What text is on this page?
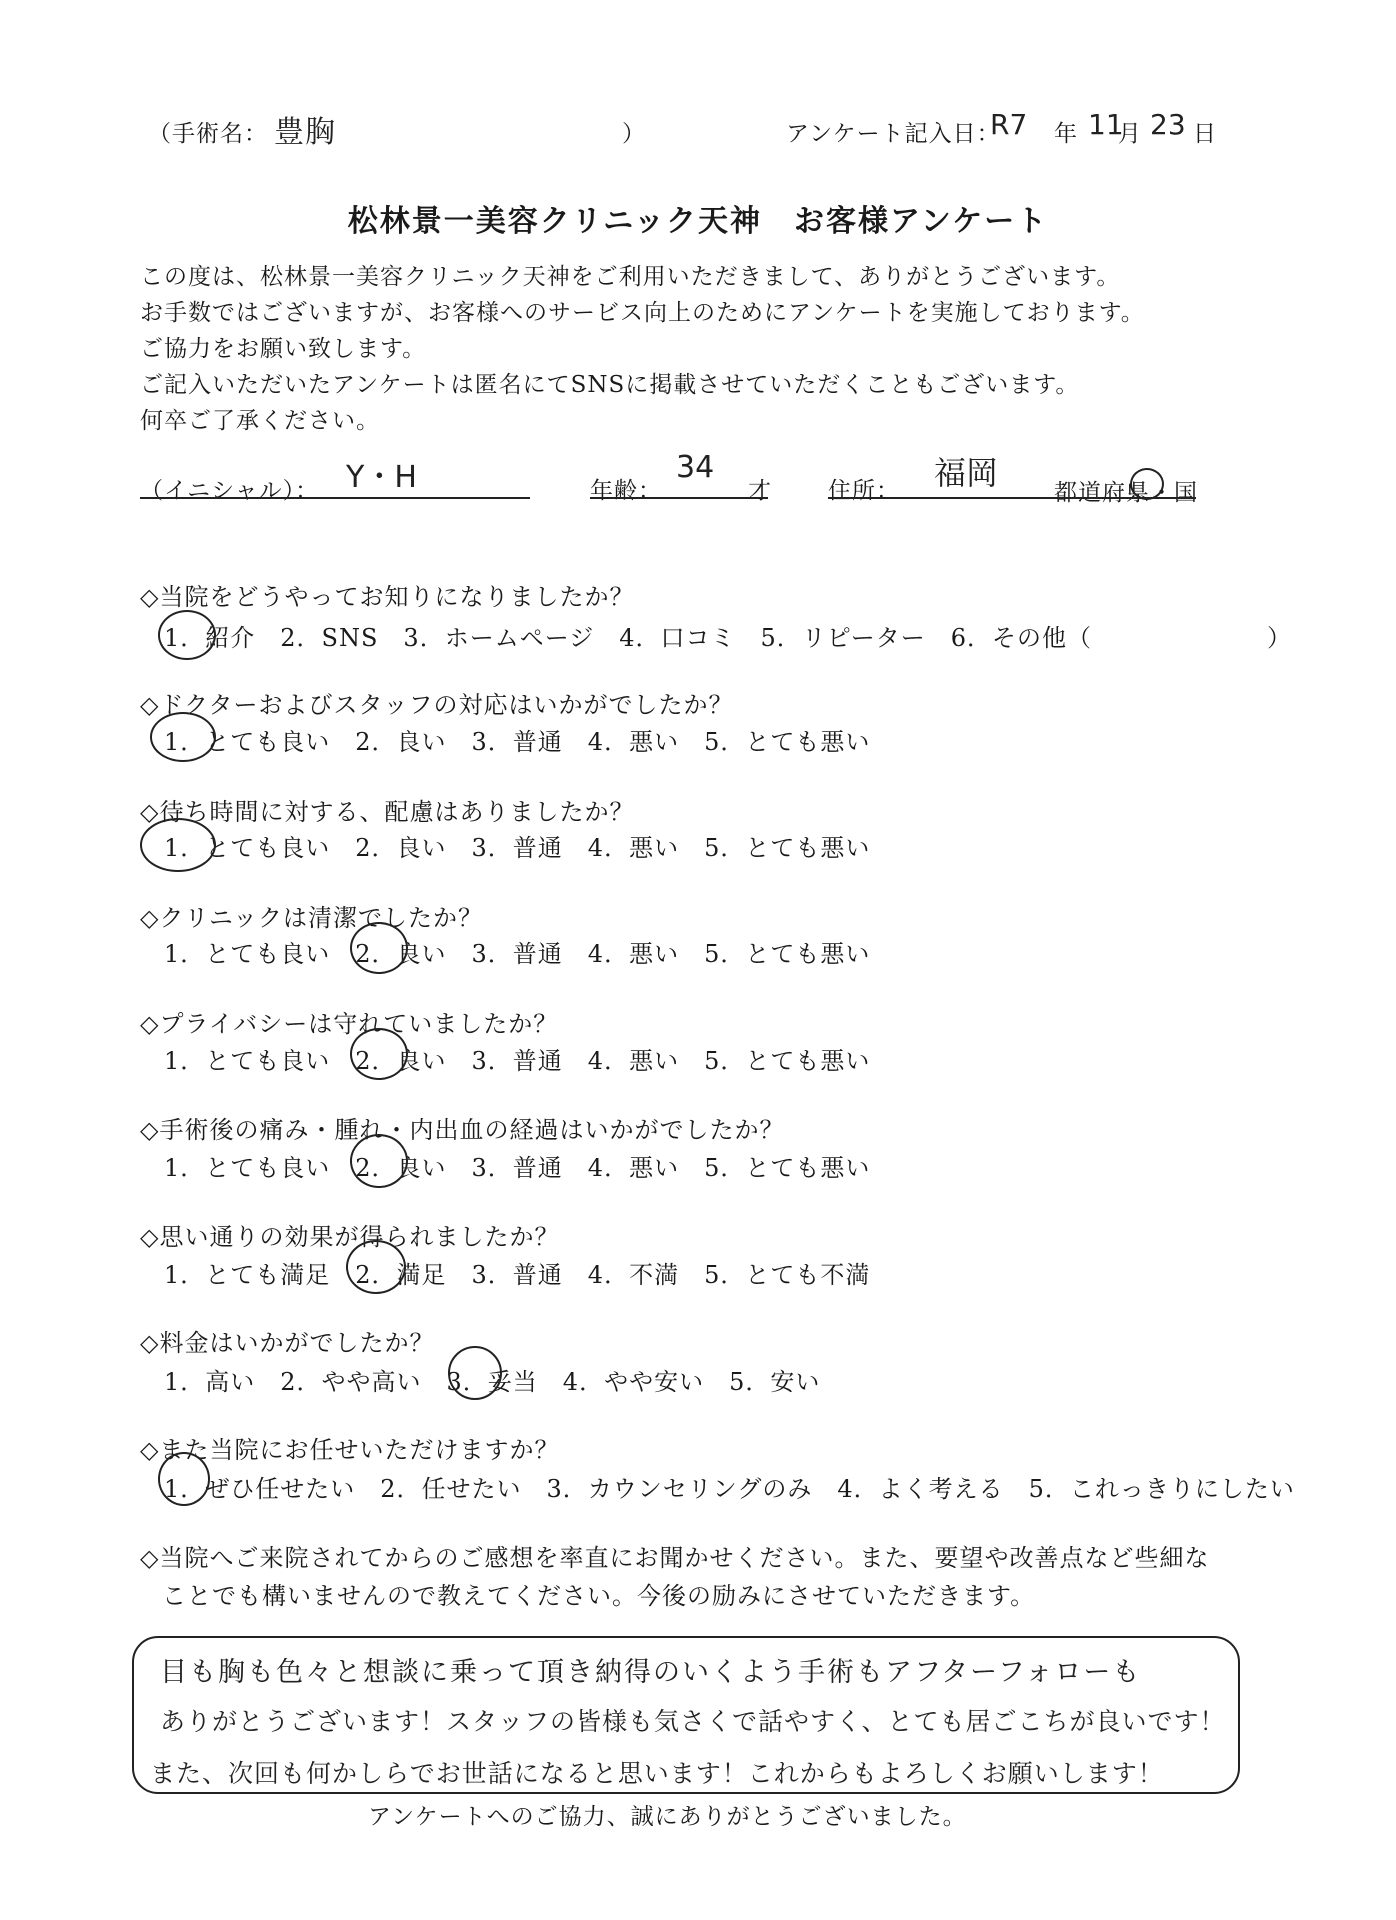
（手術名： 豊胸	）	アンケート記入日：
R7 年 11
月 23 日
松林景一美容クリニック天神　お客様アンケート
この度は、松林景一美容クリニック天神をご利用いただきまして、ありがとうございます。
お手数ではございますが、お客様へのサービス向上のためにアンケートを実施しております。
ご協力をお願い致します。
ご記入いただいたアンケートは匿名にてSNSに掲載させていただくこともございます。
何卒ご了承ください。
（イニシャル）： Y・H	年齢：
34
才 住所： 福岡
都道府県・国
◇当院をどうやってお知りになりましたか？
1．紹介　2．SNS　3．ホームページ　4．口コミ　5．リピーター　6．その他（　　　　　　　）
◇ドクターおよびスタッフの対応はいかがでしたか？
1．とても良い　2．良い　3．普通　4．悪い　5．とても悪い
◇待ち時間に対する、配慮はありましたか？
1．とても良い　2．良い　3．普通　4．悪い　5．とても悪い
◇クリニックは清潔でしたか？
1．とても良い　2．良い　3．普通　4．悪い　5．とても悪い
◇プライバシーは守れていましたか？
1．とても良い　2．良い　3．普通　4．悪い　5．とても悪い
◇手術後の痛み・腫れ・内出血の経過はいかがでしたか？
1．とても良い　2．良い　3．普通　4．悪い　5．とても悪い
◇思い通りの効果が得られましたか？
1．とても満足　2．満足　3．普通　4．不満　5．とても不満
◇料金はいかがでしたか？
1．高い　2．やや高い　3．妥当　4．やや安い　5．安い
◇また当院にお任せいただけますか？
1．ぜひ任せたい　2．任せたい　3．カウンセリングのみ　4．よく考える　5．これっきりにしたい
◇当院へご来院されてからのご感想を率直にお聞かせください。また、要望や改善点など些細な
ことでも構いませんので教えてください。今後の励みにさせていただきます。
目も胸も色々と想談に乗って頂き納得のいくよう手術もアフターフォローも
ありがとうございます！スタッフの皆様も気さくで話やすく、とても居ごこちが良いです！
また、次回も何かしらでお世話になると思います！これからもよろしくお願いします！
アンケートへのご協力、誠にありがとうございました。
